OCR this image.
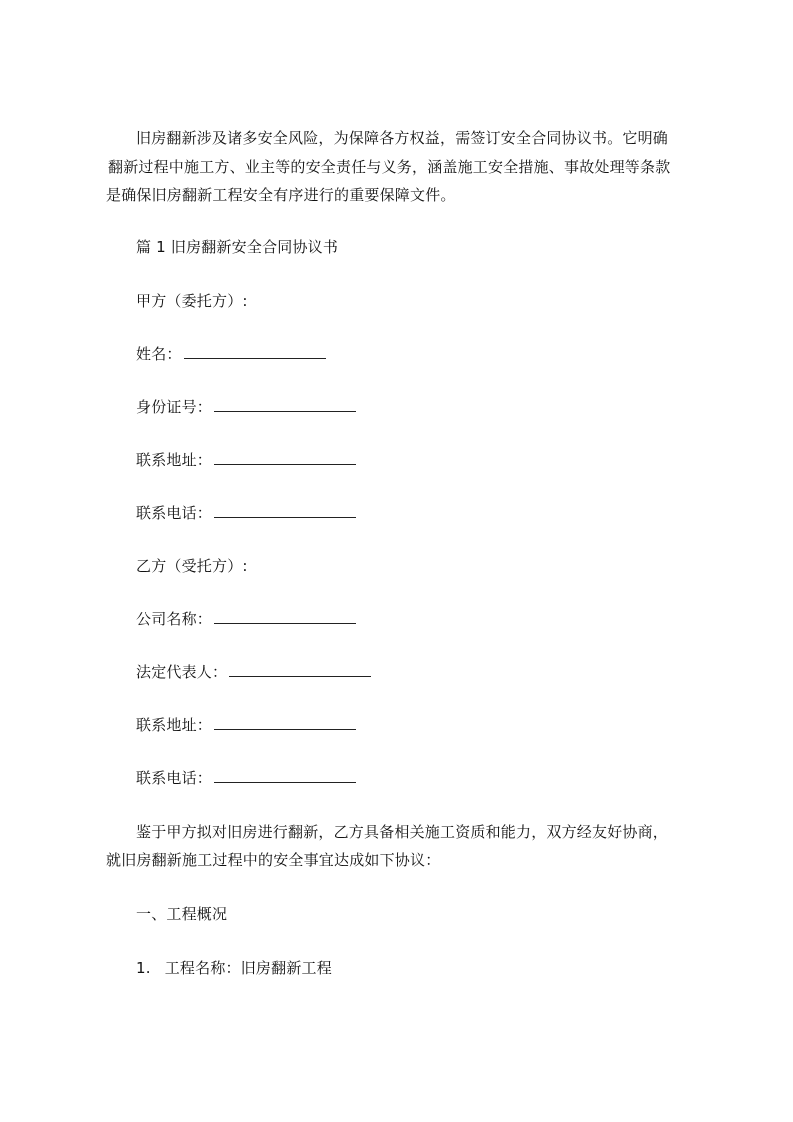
旧房翻新涉及诸多安全风险，为保障各方权益，需签订安全合同协议书。它明确
翻新过程中施工方、业主等的安全责任与义务，涵盖施工安全措施、事故处理等条款
是确保旧房翻新工程安全有序进行的重要保障文件。
篇 1 旧房翻新安全合同协议书
甲方（委托方）:
姓名：
身份证号：
联系地址：
联系电话：
乙方（受托方）:
公司名称：
法定代表人：
联系地址：
联系电话：
鉴于甲方拟对旧房进行翻新，乙方具备相关施工资质和能力，双方经友好协商，
就旧房翻新施工过程中的安全事宜达成如下协议：
一、工程概况
1. 工程名称：旧房翻新工程
